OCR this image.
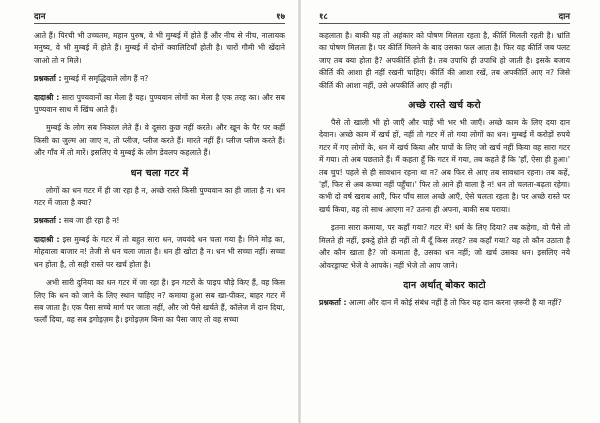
दान	१७

आते हैं। पिरची भी उच्चतम, महान पुरुष, वे भी मुम्बई में होते हैं और नीच से नीच, नालायक मनुष्य, वे भी मुम्बई में होते हैं। मुम्बई में दोनों क्वालिटियाँ होती है। चारों गौमी भी खेंदाने जाओ तो न मिले।

प्रश्नकर्ता : मुम्बई में समृद्धिवाले लोग हैं न?

दादाश्री : सारा पुण्यवानों का मेला है यह। पुण्यवान लोगों का मेला है एक तरह का। और सब पुण्यवान साथ में खिंच आते हैं।

मुम्बई के लोग सब निकाल लेते हैं। वे दूसरा कुछ नहीं करते। और खून के पैर पर कहीं किसी का जुल्म आ जाए न, तो प्लीज, प्लीज करते हैं। मारते नहीं हैं। प्लीज प्लीज करते हैं। और गाँव में तो मारें। इसलिए ये मुम्बई के लोग डेवलप कहलाते हैं।

धन चला गटर में

लोगों का धन गटर में ही जा रहा है न, अच्छे रास्ते किसी पुण्यवान का ही जाता है न। धन गटर में जाता है क्या?

प्रश्नकर्ता : सब जा ही रहा है न!

दादाश्री : इस मुम्बई के गटर में तो बहुत सारा धन, जयवंदे धन चला गया है। गिने मोड़ का, मोहवाला बाजार न! तेजी से धन चला जाता है। धन ही खोटा है न। धन भी सच्चा नहीं। सच्चा धन होता है, तो सही रास्ते पर खर्च होता है।

अभी सारी दुनिया का धन गटर में जा रहा है। इन गटरों के पाइप चौड़े किए हैं, वह किस लिए कि धन को जाने के लिए स्थान चाहिए न? कमाया हुआ सब खा-पीकर, बाहर गटर में सब जाता है। एक पैसा सच्चे मार्ग पर जाता नहीं, और जो पैसे खर्चते हैं, कॉलेज में दान दिया, फलाँ दिया, वह सब इगोइज़म है। इगोइज़म बिना का पैसा जाए तो वह सच्चा

१८	दान

कहलाता है। बाकी यह तो अहंकार को पोषण मिलता रहता है, कीर्ति मिलती रहती है। भ्रांति का पोषण मिलता है। पर कीर्ति मिलने के बाद उसका फल आता है। फिर वह कीर्ति जब पलट जाए तब क्या होता है? अपकीर्ति होती है। तब उपाधि ही उपाधि हो जाती है। इसके बजाय कीर्ति की आशा ही नहीं रखनी चाहिए। कीर्ति की आशा रखें, तब अपकीर्ति आए न? जिसे कीर्ति की आशा नहीं, उसे अपकीर्ति आए ही नहीं।

अच्छे रास्ते खर्च करो

पैसे तो खाली भी हो जाएँ और चाहें भी भर भी जाएँ। अच्छे काम के लिए दया दान देवान। अच्छे काम में खर्च हों, नहीं तो गटर में तो गया लोगों का धन। मुम्बई में करोड़ों रुपये गटर में गए लोगों के, धन में खर्च किया और पापों के लिए जो खर्च नहीं किया वह सारा गटर में गया। तो अब पछताते हैं। मैं कहता हूँ कि गटर में गया, तब कहते हैं कि 'हाँ, ऐसा ही हुआ।' तब चुप! पहले से ही सावधान रहना था न? अब फिर से आए तब सावधान रहना। तब कहें, 'हाँ, फिर से अब कच्चा नहीं पहुँचा।' फिर तो आने ही वाला है न! धन तो चलता-बढ़ता रहेगा। कभी दो वर्ष खराब आएँ, फिर पाँच साल अच्छे आएँ, ऐसे चलता रहता है। पर अच्छे रास्ते पर खर्च किया, वह तो साथ आएगा न? उतना ही अपना, बाकी सब पराया।

इतना सारा कमाया, पर कहाँ गया? गटर में! धर्म के लिए दिया? तब कहेगा, वो पैसे तो मिलते ही नहीं, इकट्ठे होते ही नहीं तो मैं दूँ किस तरह? तब कहाँ गया? यह तो कौन उठाता है और कौन खाता है? जो कमाता है, उसका धन नहीं; जो खर्च उसका धन। इसलिए नये ओवरड्राफ्ट भेजे वे आपके। नहीं भेजे तो आप जाने।

दान अर्थात् बोकर काटो

प्रश्नकर्ता : आत्मा और दान में कोई संबंध नहीं है तो फिर यह दान करना ज़रूरी है या नहीं?
